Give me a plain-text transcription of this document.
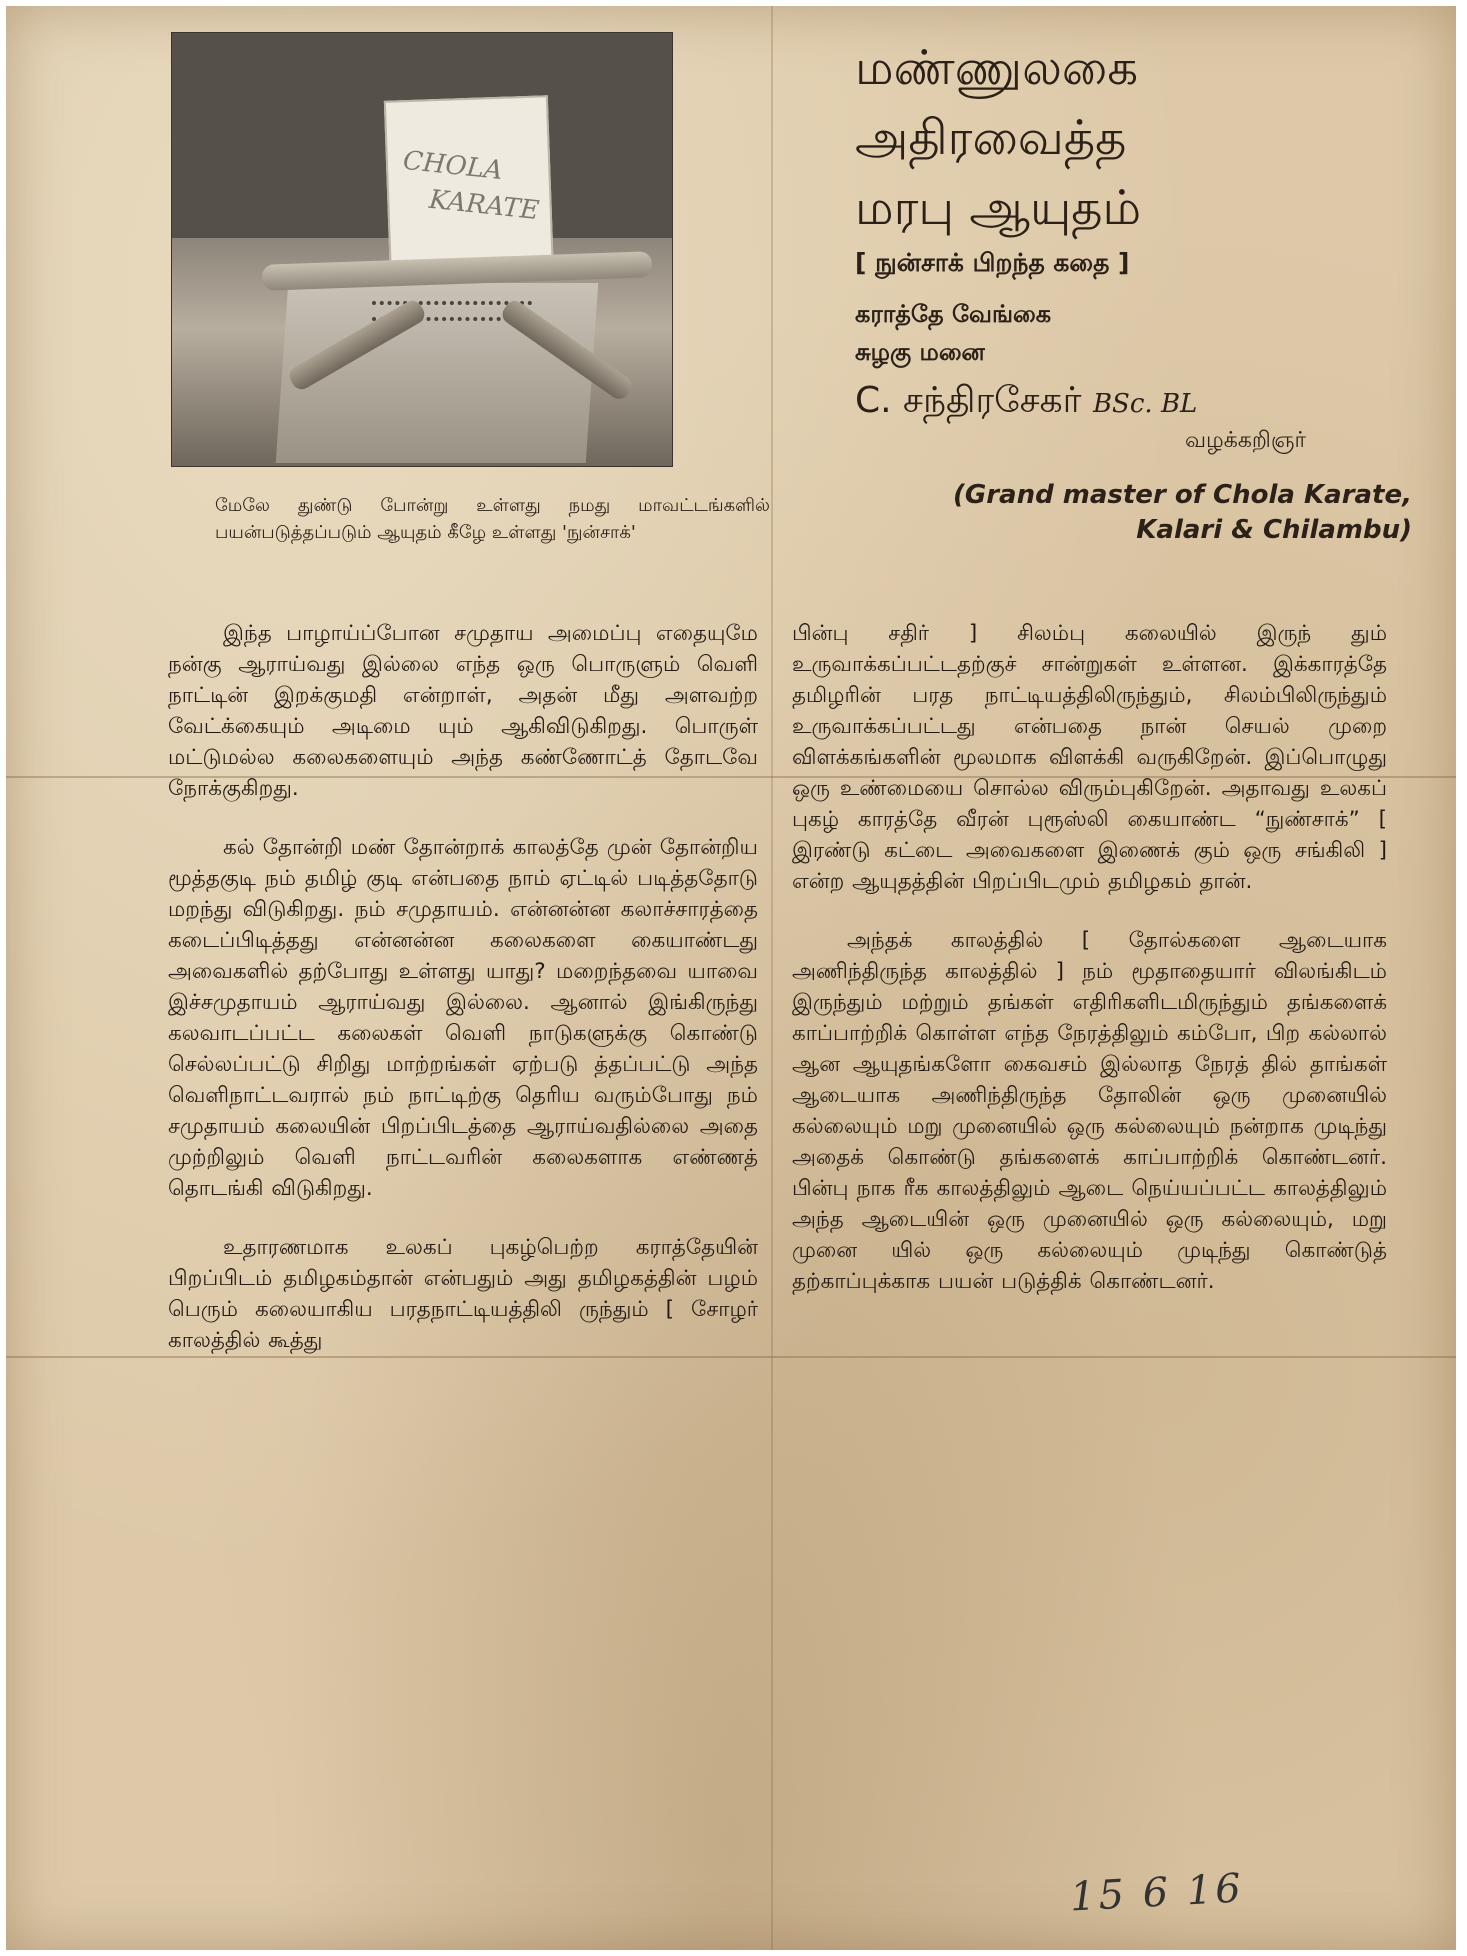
CHOLA
KARATE
மண்ணுலகை
அதிரவைத்த
மரபு ஆயுதம்
[ நுன்சாக் பிறந்த கதை ]
கராத்தே வேங்கை
சுழகு மனை
C. சந்திரசேகர் BSc. BL
வழக்கறிஞர்
(Grand master of Chola Karate,
Kalari & Chilambu)
மேலே துண்டு போன்று உள்ளது நமது மாவட்டங்களில் பயன்படுத்தப்படும் ஆயுதம் கீழே உள்ளது 'நுன்சாக்'

இந்த பாழாய்ப்போன சமுதாய அமைப்பு எதையுமே நன்கு ஆராய்வது இல்லை எந்த ஒரு பொருளும் வெளி நாட்டின் இறக்குமதி என்றாள், அதன் மீது அளவற்ற வேட்க்கையும் அடிமை யும் ஆகிவிடுகிறது. பொருள் மட்டுமல்ல கலைகளையும் அந்த கண்ணோட்த் தோடவே நோக்குகிறது.

கல் தோன்றி மண் தோன்றாக் காலத்தே முன் தோன்றிய மூத்தகுடி நம் தமிழ் குடி என்பதை நாம் ஏட்டில் படித்ததோடு மறந்து விடுகிறது. நம் சமுதாயம். என்னன்ன கலாச்சாரத்தை கடைப்பிடித்தது என்னன்ன கலைகளை கையாண்டது அவைகளில் தற்போது உள்ளது யாது? மறைந்தவை யாவை இச்சமுதாயம் ஆராய்வது இல்லை. ஆனால் இங்கிருந்து கலவாடப்பட்ட கலைகள் வெளி நாடுகளுக்கு கொண்டு செல்லப்பட்டு சிறிது மாற்றங்கள் ஏற்படு த்தப்பட்டு அந்த வெளிநாட்டவரால் நம் நாட்டிற்கு தெரிய வரும்போது நம் சமுதாயம் கலையின் பிறப்பிடத்தை ஆராய்வதில்லை அதை முற்றிலும் வெளி நாட்டவரின் கலைகளாக எண்ணத் தொடங்கி விடுகிறது.

உதாரணமாக உலகப் புகழ்பெற்ற கராத்தேயின் பிறப்பிடம் தமிழகம்தான் என்பதும் அது தமிழகத்தின் பழம் பெரும் கலையாகிய பரதநாட்டியத்திலி ருந்தும் [ சோழர் காலத்தில் கூத்து

பின்பு சதிர் ] சிலம்பு கலையில் இருந் தும் உருவாக்கப்பட்டதற்குச் சான்றுகள் உள்ளன. இக்காரத்தே தமிழரின் பரத நாட்டியத்திலிருந்தும், சிலம்பிலிருந்தும் உருவாக்கப்பட்டது என்பதை நான் செயல் முறை விளக்கங்களின் மூலமாக விளக்கி வருகிறேன். இப்பொழுது ஒரு உண்மையை சொல்ல விரும்புகிறேன். அதாவது உலகப் புகழ் காரத்தே வீரன் புரூஸ்லி கையாண்ட “நுண்சாக்” [ இரண்டு கட்டை அவைகளை இணைக் கும் ஒரு சங்கிலி ] என்ற ஆயுதத்தின் பிறப்பிடமும் தமிழகம் தான்.

அந்தக் காலத்தில் [ தோல்களை ஆடையாக அணிந்திருந்த காலத்தில் ] நம் மூதாதையார் விலங்கிடம் இருந்தும் மற்றும் தங்கள் எதிரிகளிடமிருந்தும் தங்களைக் காப்பாற்றிக் கொள்ள எந்த நேரத்திலும் கம்போ, பிற கல்லால் ஆன ஆயுதங்களோ கைவசம் இல்லாத நேரத் தில் தாங்கள் ஆடையாக அணிந்திருந்த தோலின் ஒரு முனையில் கல்லையும் மறு முனையில் ஒரு கல்லையும் நன்றாக முடிந்து அதைக் கொண்டு தங்களைக் காப்பாற்றிக் கொண்டனர். பின்பு நாக ரீக காலத்திலும் ஆடை நெய்யப்பட்ட காலத்திலும் அந்த ஆடையின் ஒரு முனையில் ஒரு கல்லையும், மறு முனை யில் ஒரு கல்லையும் முடிந்து கொண்டுத் தற்காப்புக்காக பயன் படுத்திக் கொண்டனர்.

15 6 16
